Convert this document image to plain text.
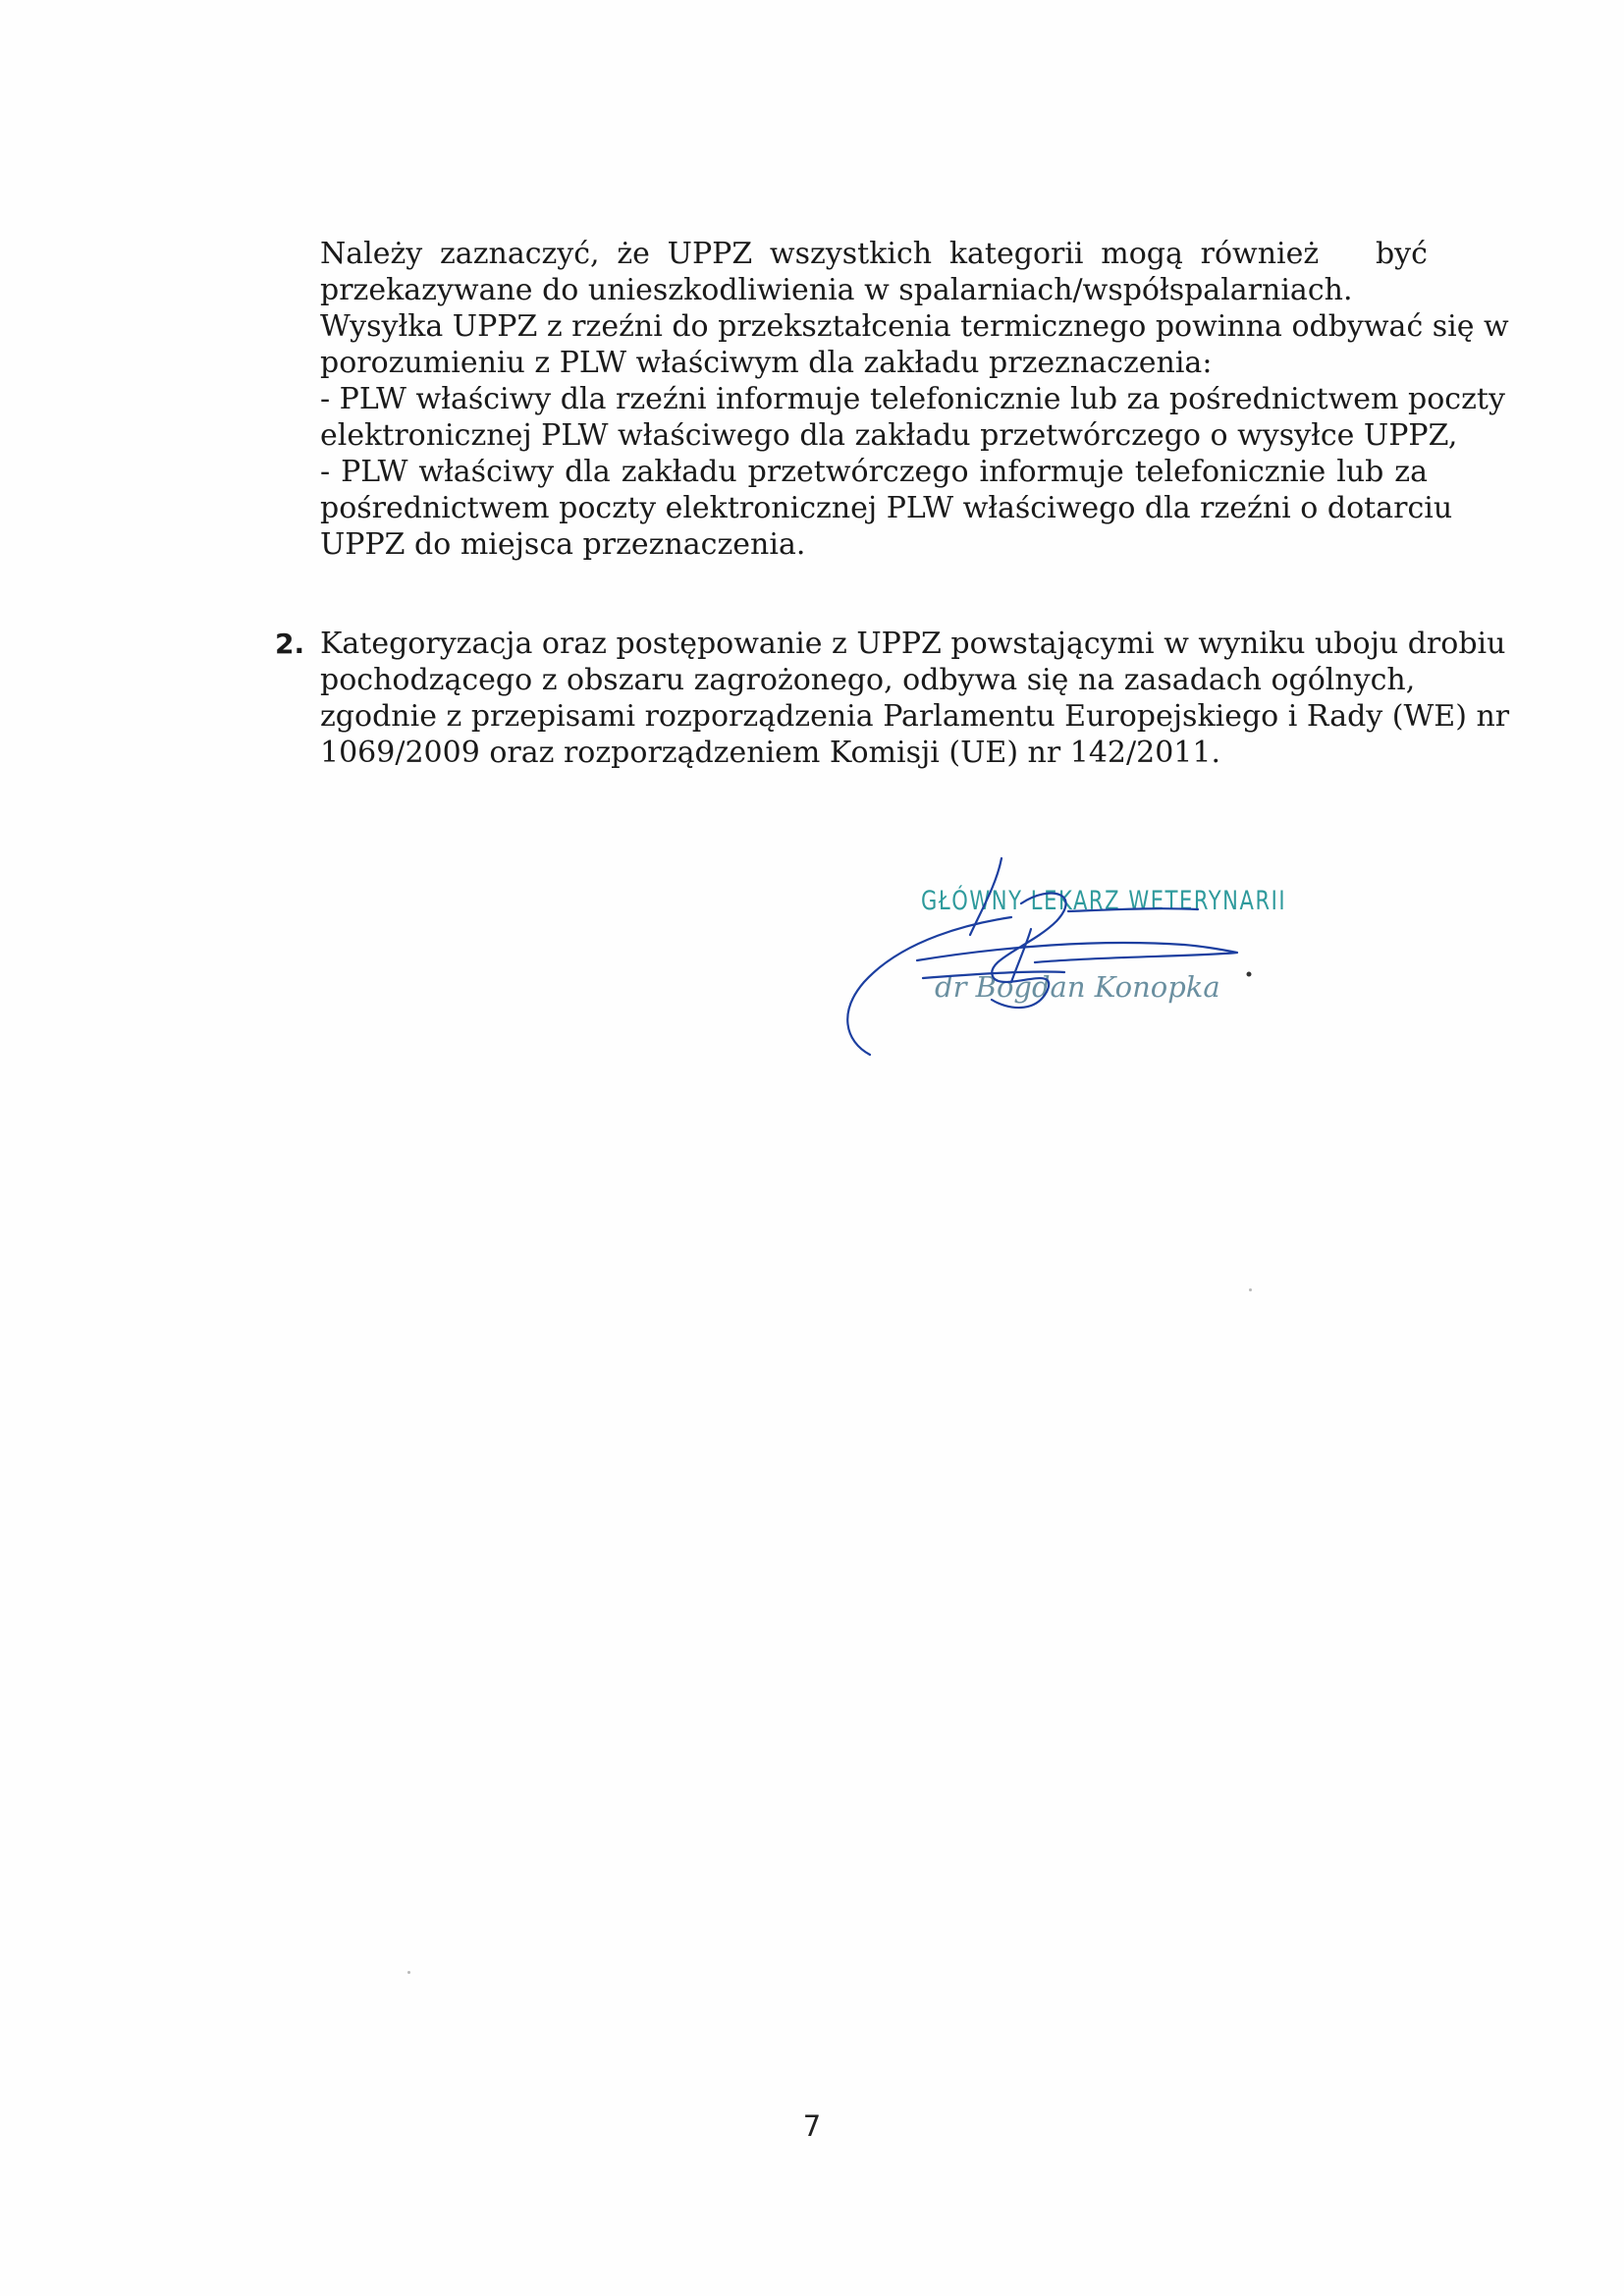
Należy zaznaczyć, że UPPZ wszystkich kategorii mogą również być
przekazywane do unieszkodliwienia w spalarniach/współspalarniach.
Wysyłka UPPZ z rzeźni do przekształcenia termicznego powinna odbywać się w
porozumieniu z PLW właściwym dla zakładu przeznaczenia:
- PLW właściwy dla rzeźni informuje telefonicznie lub za pośrednictwem poczty
elektronicznej PLW właściwego dla zakładu przetwórczego o wysyłce UPPZ,
- PLW właściwy dla zakładu przetwórczego informuje telefonicznie lub za
pośrednictwem poczty elektronicznej PLW właściwego dla rzeźni o dotarciu
UPPZ do miejsca przeznaczenia.
2. Kategoryzacja oraz postępowanie z UPPZ powstającymi w wyniku uboju drobiu
pochodzącego z obszaru zagrożonego, odbywa się na zasadach ogólnych,
zgodnie z przepisami rozporządzenia Parlamentu Europejskiego i Rady (WE) nr
1069/2009 oraz rozporządzeniem Komisji (UE) nr 142/2011.
GŁÓWNY LEKARZ WETERYNARII
dr Bogdan Konopka
7
